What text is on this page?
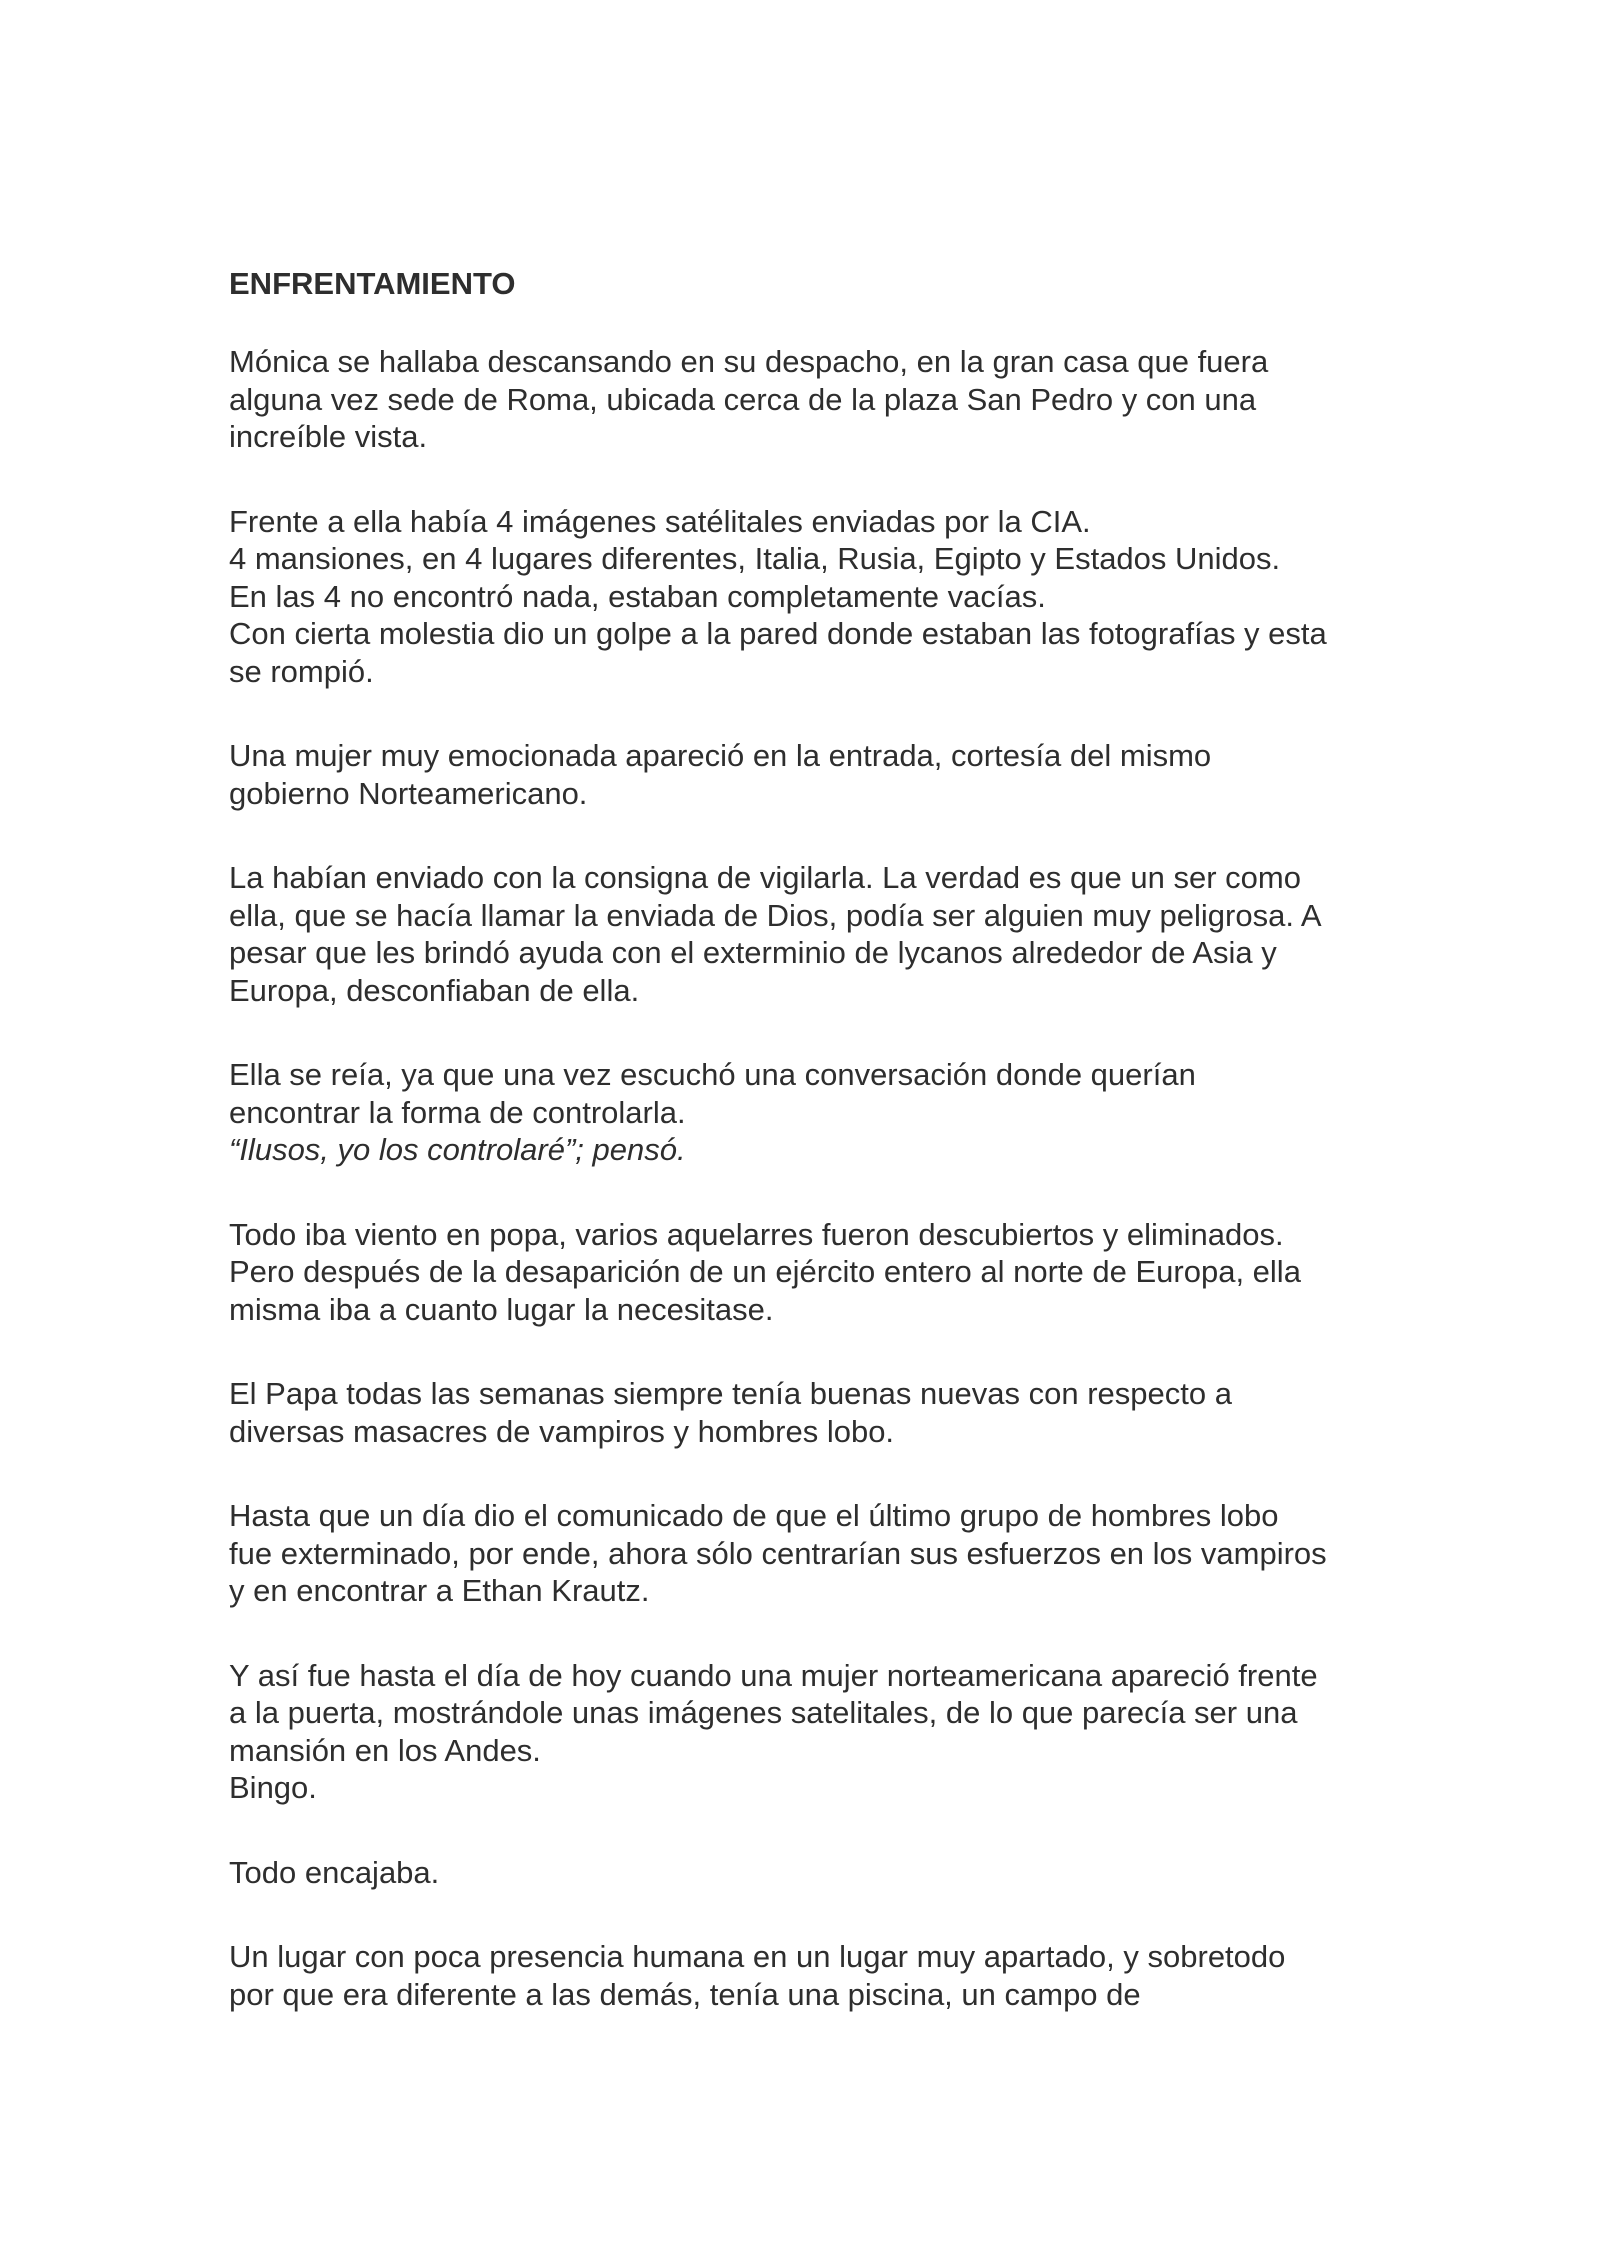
ENFRENTAMIENTO
Mónica se hallaba descansando en su despacho, en la gran casa que fuera
alguna vez sede de Roma, ubicada cerca de la plaza San Pedro y con una
increíble vista.
Frente a ella había 4 imágenes satélitales enviadas por la CIA.
4 mansiones, en 4 lugares diferentes, Italia, Rusia, Egipto y Estados Unidos.
En las 4 no encontró nada, estaban completamente vacías.
Con cierta molestia dio un golpe a la pared donde estaban las fotografías y esta
se rompió.
Una mujer muy emocionada apareció en la entrada, cortesía del mismo
gobierno Norteamericano.
La habían enviado con la consigna de vigilarla. La verdad es que un ser como
ella, que se hacía llamar la enviada de Dios, podía ser alguien muy peligrosa. A
pesar que les brindó ayuda con el exterminio de lycanos alrededor de Asia y
Europa, desconfiaban de ella.
Ella se reía, ya que una vez escuchó una conversación donde querían
encontrar la forma de controlarla.
“Ilusos, yo los controlaré”; pensó.
Todo iba viento en popa, varios aquelarres fueron descubiertos y eliminados.
Pero después de la desaparición de un ejército entero al norte de Europa, ella
misma iba a cuanto lugar la necesitase.
El Papa todas las semanas siempre tenía buenas nuevas con respecto a
diversas masacres de vampiros y hombres lobo.
Hasta que un día dio el comunicado de que el último grupo de hombres lobo
fue exterminado, por ende, ahora sólo centrarían sus esfuerzos en los vampiros
y en encontrar a Ethan Krautz.
Y así fue hasta el día de hoy cuando una mujer norteamericana apareció frente
a la puerta, mostrándole unas imágenes satelitales, de lo que parecía ser una
mansión en los Andes.
Bingo.
Todo encajaba.
Un lugar con poca presencia humana en un lugar muy apartado, y sobretodo
por que era diferente a las demás, tenía una piscina, un campo de
